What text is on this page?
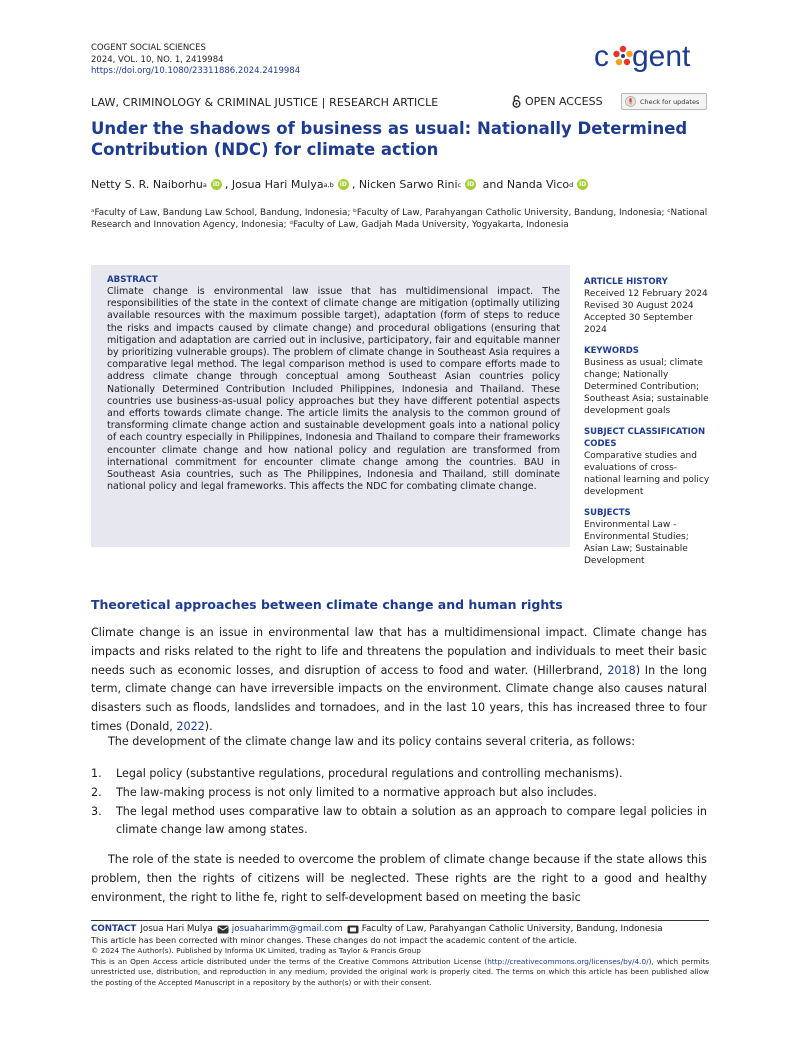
COGENT SOCIAL SCIENCES
2024, VOL. 10, NO. 1, 2419984
https://doi.org/10.1080/23311886.2024.2419984	c gent
LAW, CRIMINOLOGY & CRIMINAL JUSTICE | RESEARCH ARTICLE	OPEN ACCESS	Check for updates
Under the shadows of business as usual: Nationally Determined Contribution (NDC) for climate action
Netty S. R. Naiborhu a iD ,
Josua Hari Mulya a,b iD ,
Nicken Sarwo Rini c iD
and
Nanda Vico d iD
ᵃFaculty of Law, Bandung Law School, Bandung, Indonesia; ᵇFaculty of Law, Parahyangan Catholic University, Bandung, Indonesia; ᶜNational Research and Innovation Agency, Indonesia; ᵈFaculty of Law, Gadjah Mada University, Yogyakarta, Indonesia
ABSTRACT

Climate change is environmental law issue that has multidimensional impact. The responsibilities of the state in the context of climate change are mitigation (optimally utilizing available resources with the maximum possible target), adaptation (form of steps to reduce the risks and impacts caused by climate change) and procedural obligations (ensuring that mitigation and adaptation are carried out in inclusive, participatory, fair and equitable manner by prioritizing vulnerable groups). The problem of climate change in Southeast Asia requires a comparative legal method. The legal comparison method is used to compare efforts made to address climate change through conceptual among Southeast Asian countries policy Nationally Determined Contribution Included Philippines, Indonesia and Thailand. These countries use business-as-usual policy approaches but they have different potential aspects and efforts towards climate change. The article limits the analysis to the common ground of transforming climate change action and sustainable development goals into a national policy of each country especially in Philippines, Indonesia and Thailand to compare their frameworks encounter climate change and how national policy and regulation are transformed from international commitment for encounter climate change among the countries. BAU in Southeast Asia countries, such as The Philippines, Indonesia and Thailand, still dominate national policy and legal frameworks. This affects the NDC for combating climate change.

ARTICLE HISTORY

Received 12 February 2024

Revised 30 August 2024

Accepted 30 September 2024

KEYWORDS

Business as usual; climate change; Nationally Determined Contribution; Southeast Asia; sustainable development goals

SUBJECT CLASSIFICATION CODES

Comparative studies and evaluations of cross-national learning and policy development

SUBJECTS

Environmental Law - Environmental Studies; Asian Law; Sustainable Development

Theoretical approaches between climate change and human rights

Climate change is an issue in environmental law that has a multidimensional impact. Climate change has impacts and risks related to the right to life and threatens the population and individuals to meet their basic needs such as economic losses, and disruption of access to food and water. (Hillerbrand, 2018) In the long term, climate change can have irreversible impacts on the environment. Climate change also causes natural disasters such as floods, landslides and tornadoes, and in the last 10 years, this has increased three to four times (Donald, 2022).

The development of the climate change law and its policy contains several criteria, as follows:

1. Legal policy (substantive regulations, procedural regulations and controlling mechanisms).
2. The law-making process is not only limited to a normative approach but also includes.
3. The legal method uses comparative law to obtain a solution as an approach to compare legal policies in climate change law among states.

The role of the state is needed to overcome the problem of climate change because if the state allows this problem, then the rights of citizens will be neglected. These rights are the right to a good and healthy environment, the right to lithe fe, right to self-development based on meeting the basic

CONTACT Josua Hari Mulya josuaharimm@gmail.com Faculty of Law, Parahyangan Catholic University, Bandung, Indonesia

This article has been corrected with minor changes. These changes do not impact the academic content of the article.

© 2024 The Author(s). Published by Informa UK Limited, trading as Taylor & Francis Group

This is an Open Access article distributed under the terms of the Creative Commons Attribution License (http://creativecommons.org/licenses/by/4.0/), which permits unrestricted use, distribution, and reproduction in any medium, provided the original work is properly cited. The terms on which this article has been published allow the posting of the Accepted Manuscript in a repository by the author(s) or with their consent.
